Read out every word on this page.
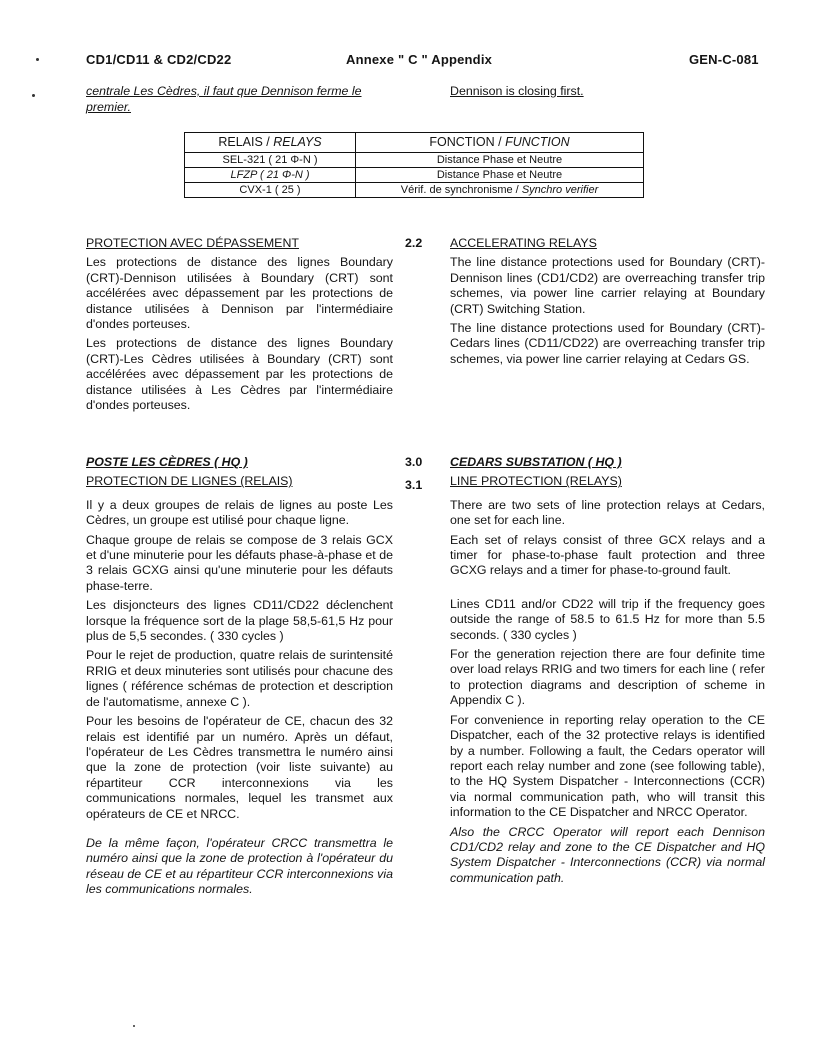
CD1/CD11 & CD2/CD22	Annexe " C " Appendix	GEN-C-081
centrale Les Cèdres, il faut que Dennison ferme le
premier.
Dennison is closing first.
RELAIS / RELAYS	FONCTION / FUNCTION
SEL-321 ( 21 Φ-N )	Distance Phase et Neutre
LFZP ( 21 Φ-N )	Distance Phase et Neutre
CVX-1 ( 25 )	Vérif. de synchronisme / Synchro verifier

PROTECTION AVEC DÉPASSEMENT

Les protections de distance des lignes Boundary (CRT)-Dennison utilisées à Boundary (CRT) sont accélérées avec dépassement par les protections de distance utilisées à Dennison par l'intermédiaire d'ondes porteuses.

Les protections de distance des lignes Boundary (CRT)-Les Cèdres utilisées à Boundary (CRT) sont accélérées avec dépassement par les protections de distance utilisées à Les Cèdres par l'intermédiaire d'ondes porteuses.

POSTE LES CÈDRES ( HQ )

PROTECTION DE LIGNES (RELAIS)

Il y a deux groupes de relais de lignes au poste Les Cèdres, un groupe est utilisé pour chaque ligne.

Chaque groupe de relais se compose de 3 relais GCX et d'une minuterie pour les défauts phase-à-phase et de 3 relais GCXG ainsi qu'une minuterie pour les défauts phase-terre.

Les disjoncteurs des lignes CD11/CD22 déclenchent lorsque la fréquence sort de la plage 58,5-61,5 Hz pour plus de 5,5 secondes. ( 330 cycles )

Pour le rejet de production, quatre relais de surintensité RRIG et deux minuteries sont utilisés pour chacune des lignes ( référence schémas de protection et description de l'automatisme, annexe C ).

Pour les besoins de l'opérateur de CE, chacun des 32 relais est identifié par un numéro. Après un défaut, l'opérateur de Les Cèdres transmettra le numéro ainsi que la zone de protection (voir liste suivante) au répartiteur CCR interconnexions via les communications normales, lequel les transmet aux opérateurs de CE et NRCC.

De la même façon, l'opérateur CRCC transmettra le numéro ainsi que la zone de protection à l'opérateur du réseau de CE et au répartiteur CCR interconnexions via les communications normales.

2.2 ACCELERATING RELAYS

The line distance protections used for Boundary (CRT)-Dennison lines (CD1/CD2) are overreaching transfer trip schemes, via power line carrier relaying at Boundary (CRT) Switching Station.

The line distance protections used for Boundary (CRT)-Cedars lines (CD11/CD22) are overreaching transfer trip schemes, via power line carrier relaying at Cedars GS.

3.0
3.1

CEDARS SUBSTATION ( HQ )

LINE PROTECTION (RELAYS)

There are two sets of line protection relays at Cedars, one set for each line.

Each set of relays consist of three GCX relays and a timer for phase-to-phase fault protection and three GCXG relays and a timer for phase-to-ground fault.

Lines CD11 and/or CD22 will trip if the frequency goes outside the range of 58.5 to 61.5 Hz for more than 5.5 seconds. ( 330 cycles )

For the generation rejection there are four definite time over load relays RRIG and two timers for each line ( refer to protection diagrams and description of scheme in Appendix C ).

For convenience in reporting relay operation to the CE Dispatcher, each of the 32 protective relays is identified by a number. Following a fault, the Cedars operator will report each relay number and zone (see following table), to the HQ System Dispatcher - Interconnections (CCR) via normal communication path, who will transit this information to the CE Dispatcher and NRCC Operator.

Also the CRCC Operator will report each Dennison CD1/CD2 relay and zone to the CE Dispatcher and HQ System Dispatcher - Interconnections (CCR) via normal communication path.
